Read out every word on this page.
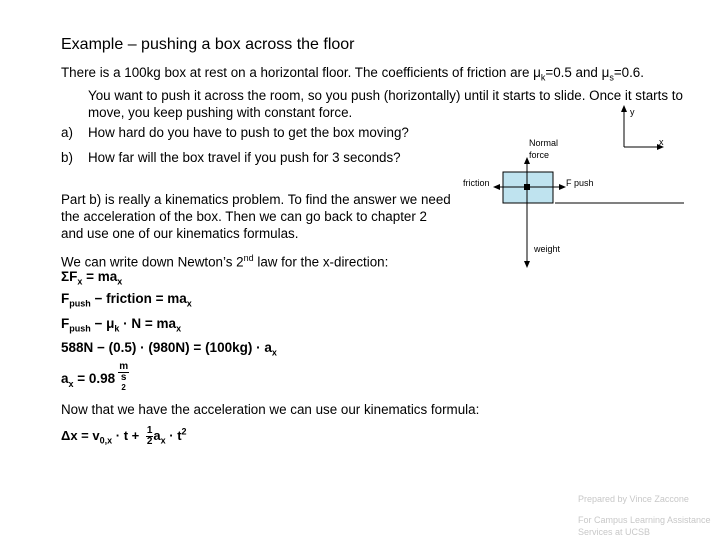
Example – pushing a box across the floor
There is a 100kg box at rest on a horizontal floor. The coefficients of friction are $\mu_k=0.5$ and $\mu_s=0.6$.
You want to push it across the room, so you push (horizontally) until it starts to slide. Once it starts to move, you keep pushing with constant force.
a) How hard do you have to push to get the box moving?
b) How far will the box travel if you push for 3 seconds?
Part b) is really a kinematics problem. To find the answer we need the acceleration of the box. Then we can go back to chapter 2 and use one of our kinematics formulas.
We can write down Newton’s 2nd law for the x-direction:
$\Sigma F_x = ma_x$
$F_{push}$ − friction = $ma_x$
$F_{push} - \mu_k \cdot N = ma_x$
$588N - (0.5) \cdot (980N) = (100kg) \cdot a_x$
$a_x = 0.98$ m
s
$^2$
Now that we have the acceleration we can use our kinematics formula:
$\Delta x = v_{0,x} \cdot t + \frac{1}{2} a_x \cdot t^2$
y
x
Normal
force
friction	F push
weight
Prepared by Vince Zaccone
For Campus Learning Assistance Services at UCSB
